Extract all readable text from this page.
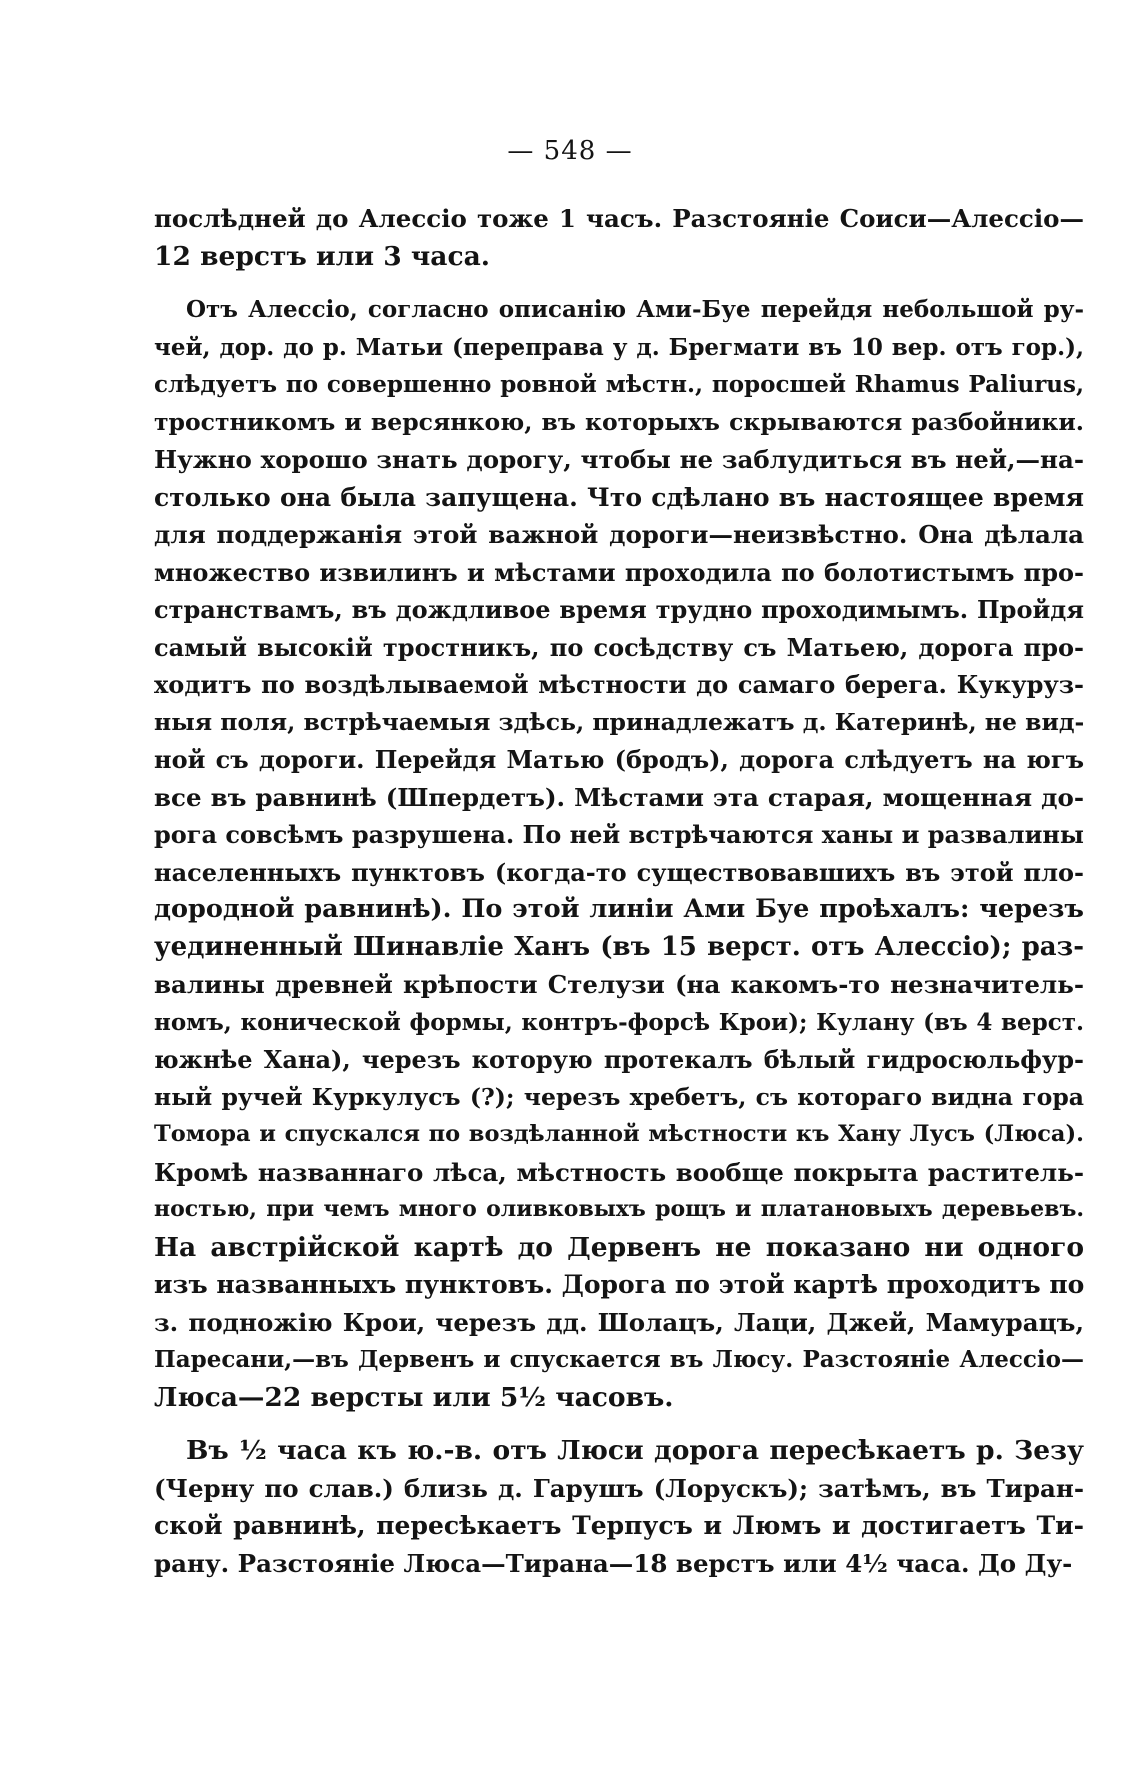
— 548 —
послѣдней до Алессіо тоже 1 часъ. Разстояніе Соиси—Алессіо—
12 верстъ или 3 часа.
Отъ Алессіо, согласно описанію Ами-Буе перейдя небольшой ру-
чей, дор. до р. Матьи (переправа у д. Брегмати въ 10 вер. отъ гор.),
слѣдуетъ по совершенно ровной мѣстн., поросшей Rhamus Paliurus,
тростникомъ и версянкою, въ которыхъ скрываются разбойники.
Нужно хорошо знать дорогу, чтобы не заблудиться въ ней,—на-
столько она была запущена. Что сдѣлано въ настоящее время
для поддержанія этой важной дороги—неизвѣстно. Она дѣлала
множество извилинъ и мѣстами проходила по болотистымъ про-
странствамъ, въ дождливое время трудно проходимымъ. Пройдя
самый высокій тростникъ, по сосѣдству съ Матьею, дорога про-
ходитъ по воздѣлываемой мѣстности до самаго берега. Кукуруз-
ныя поля, встрѣчаемыя здѣсь, принадлежатъ д. Катеринѣ, не вид-
ной съ дороги. Перейдя Матью (бродъ), дорога слѣдуетъ на югъ
все въ равнинѣ (Шпердетъ). Мѣстами эта старая, мощенная до-
рога совсѣмъ разрушена. По ней встрѣчаются ханы и развалины
населенныхъ пунктовъ (когда-то существовавшихъ въ этой пло-
дородной равнинѣ). По этой линіи Ами Буе проѣхалъ: черезъ
уединенный Шинавліе Ханъ (въ 15 верст. отъ Алессіо); раз-
валины древней крѣпости Стелузи (на какомъ-то незначитель-
номъ, конической формы, контръ-форсѣ Крои); Кулану (въ 4 верст.
южнѣе Хана), черезъ которую протекалъ бѣлый гидросюльфур-
ный ручей Куркулусъ (?); черезъ хребетъ, съ котораго видна гора
Томора и спускался по воздѣланной мѣстности къ Хану Лусъ (Люса).
Кромѣ названнаго лѣса, мѣстность вообще покрыта раститель-
ностью, при чемъ много оливковыхъ рощъ и платановыхъ деревьевъ.
На австрійской картѣ до Дервенъ не показано ни одного
изъ названныхъ пунктовъ. Дорога по этой картѣ проходитъ по
з. подножію Крои, черезъ дд. Шолацъ, Лаци, Джей, Мамурацъ,
Паресани,—въ Дервенъ и спускается въ Люсу. Разстояніе Алессіо—
Люса—22 версты или 5½ часовъ.
Въ ½ часа къ ю.-в. отъ Люси дорога пересѣкаетъ р. Зезу
(Черну по слав.) близь д. Гарушъ (Лорускъ); затѣмъ, въ Тиран-
ской равнинѣ, пересѣкаетъ Терпусъ и Люмъ и достигаетъ Ти-
рану. Разстояніе Люса—Тирана—18 верстъ или 4½ часа. До Ду-
